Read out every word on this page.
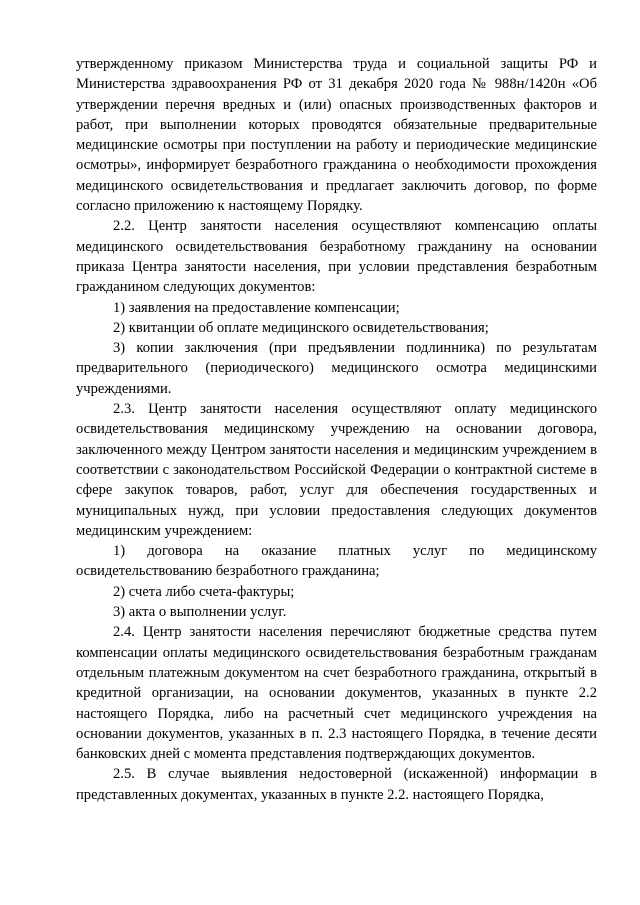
утвержденному приказом Министерства труда и социальной защиты РФ и Министерства здравоохранения РФ от 31 декабря 2020 года № 988н/1420н «Об утверждении перечня вредных и (или) опасных производственных факторов и работ, при выполнении которых проводятся обязательные предварительные медицинские осмотры при поступлении на работу и периодические медицинские осмотры», информирует безработного гражданина о необходимости прохождения медицинского освидетельствования и предлагает заключить договор, по форме согласно приложению к настоящему Порядку.

2.2. Центр занятости населения осуществляют компенсацию оплаты медицинского освидетельствования безработному гражданину на основании приказа Центра занятости населения, при условии представления безработным гражданином следующих документов:

1) заявления на предоставление компенсации;

2) квитанции об оплате медицинского освидетельствования;

3) копии заключения (при предъявлении подлинника) по результатам предварительного (периодического) медицинского осмотра медицинскими учреждениями.

2.3. Центр занятости населения осуществляют оплату медицинского освидетельствования медицинскому учреждению на основании договора, заключенного между Центром занятости населения и медицинским учреждением в соответствии с законодательством Российской Федерации о контрактной системе в сфере закупок товаров, работ, услуг для обеспечения государственных и муниципальных нужд, при условии предоставления следующих документов медицинским учреждением:

1) договора на оказание платных услуг по медицинскому освидетельствованию безработного гражданина;

2) счета либо счета-фактуры;

3) акта о выполнении услуг.

2.4. Центр занятости населения перечисляют бюджетные средства путем компенсации оплаты медицинского освидетельствования безработным гражданам отдельным платежным документом на счет безработного гражданина, открытый в кредитной организации, на основании документов, указанных в пункте 2.2 настоящего Порядка, либо на расчетный счет медицинского учреждения на основании документов, указанных в п. 2.3 настоящего Порядка, в течение десяти банковских дней с момента представления подтверждающих документов.

2.5. В случае выявления недостоверной (искаженной) информации в представленных документах, указанных в пункте 2.2. настоящего Порядка,
